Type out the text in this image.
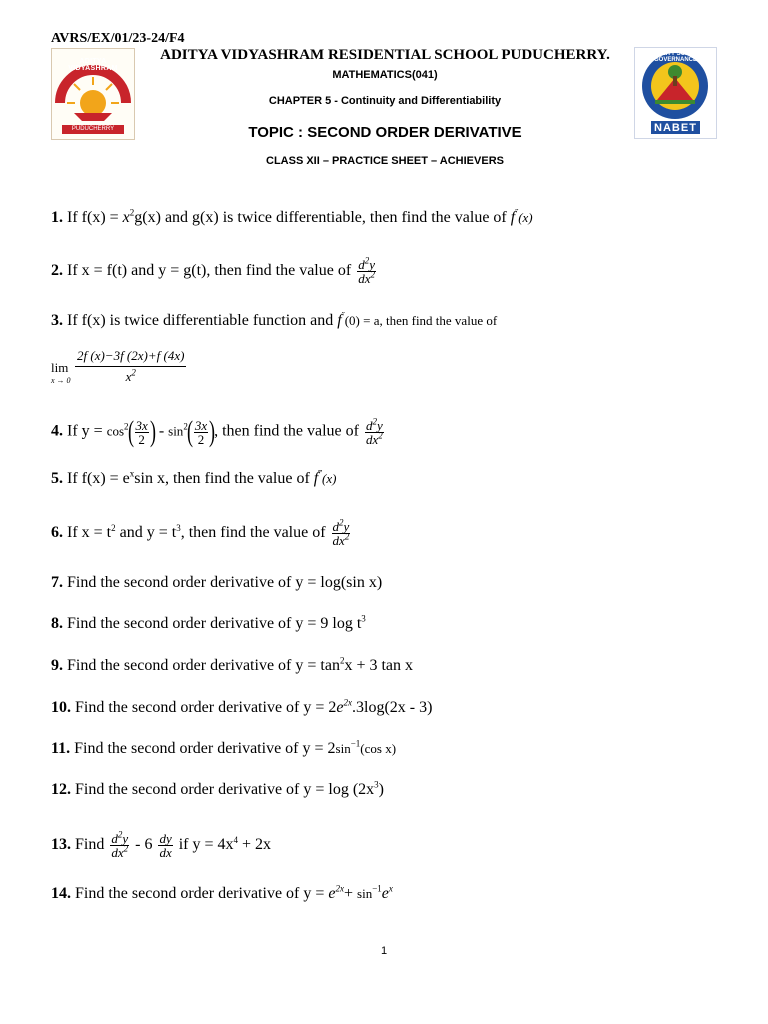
AVRS/EX/01/23-24/F4
ADITYA VIDYASHRAM RESIDENTIAL SCHOOL PUDUCHERRY.
MATHEMATICS(041)
CHAPTER 5 - Continuity and Differentiability
TOPIC : SECOND ORDER DERIVATIVE
CLASS XII – PRACTICE SHEET – ACHIEVERS
ADITYA VIDYASHRAM
PUDUCHERRY
QUALITY SCHOOL GOVERNANCE
NABET
1. If $f(x) = x^2g(x)$ and g(x) is twice differentiable, then find the value of f˝(x)
2. If x = f(t) and y = g(t), then find the value of $\frac{d^2y}{dx^2}$
3. If f(x) is twice differentiable function and f˝(0) = a, then find the value of
lim
$x \to 0 \frac{2f (x)-3f (2x)+f (4x)}{x^2}$
4. If $y = \cos^2( \frac{3x}{2}$ ) - $\sin^2( \frac{3x}{2}$ ), then find the value of $\frac{d^2y}{dx^2}$
5. If $f(x) = e^x\sin$ x, then find the value of f‴(x)
6. If $x = t^2$ and $y = t^3$, then find the value of $\frac{d^2y}{dx^2}$
7. Find the second order derivative of y = log(sin x)
8. Find the second order derivative of y = 9 $\log t^3$
9. Find the second order derivative of $y = \tan^2x + 3$ tan x
10. Find the second order derivative of $y = 2e^{2x}.3\log(2x - 3)$
11. Find the second order derivative of $y = 2\sin^{-1}(\cos$ x)
12. Find the second order derivative of $y = \log (2x^3)$
13. Find $\frac{d^2y}{dx^2} - 6 \frac{dy}{dx}$ if $y = 4x^4 + 2x$
14. Find the second order derivative of $y = e^{2x}+ \sin^{-1}e^x$
1
